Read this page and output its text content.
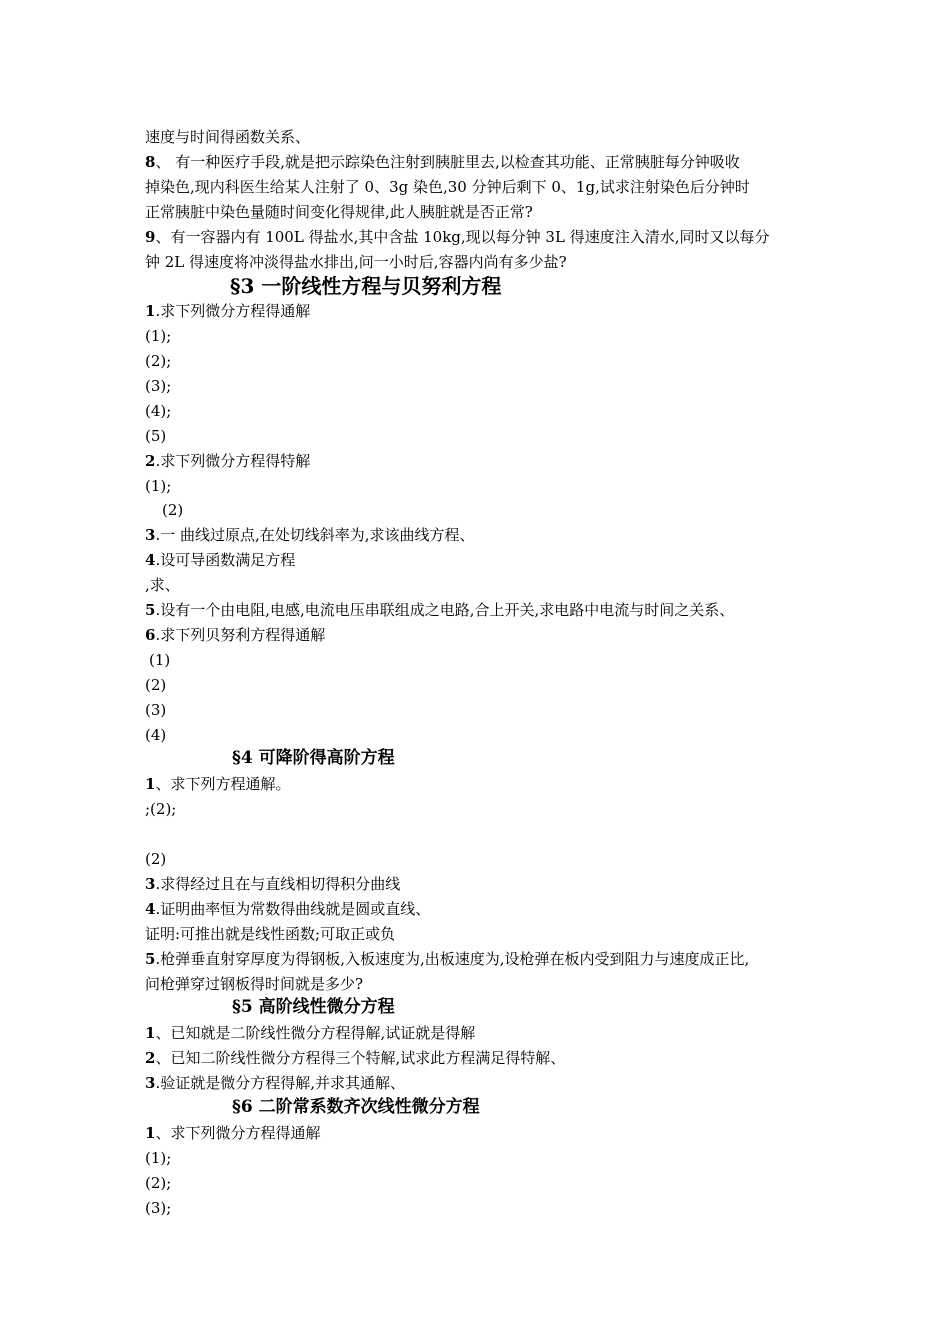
速度与时间得函数关系、
8、 有一种医疗手段,就是把示踪染色注射到胰脏里去,以检查其功能、正常胰脏每分钟吸收
掉染色,现内科医生给某人注射了 0、3g 染色,30 分钟后剩下 0、1g,试求注射染色后分钟时
正常胰脏中染色量随时间变化得规律,此人胰脏就是否正常?
9、有一容器内有 100L 得盐水,其中含盐 10kg,现以每分钟 3L 得速度注入清水,同时又以每分
钟 2L 得速度将冲淡得盐水排出,问一小时后,容器内尚有多少盐?
§3 一阶线性方程与贝努利方程
1.求下列微分方程得通解
(1);
(2);
(3);
(4);
(5)
2.求下列微分方程得特解
(1);
(2)
3.一 曲线过原点,在处切线斜率为,求该曲线方程、
4.设可导函数满足方程
,求、
5.设有一个由电阻,电感,电流电压串联组成之电路,合上开关,求电路中电流与时间之关系、
6.求下列贝努利方程得通解
(1)
(2)
(3)
(4)
§4 可降阶得高阶方程
1、求下列方程通解。
;(2);
(2)
3.求得经过且在与直线相切得积分曲线
4.证明曲率恒为常数得曲线就是圆或直线、
证明:可推出就是线性函数;可取正或负
5.枪弹垂直射穿厚度为得钢板,入板速度为,出板速度为,设枪弹在板内受到阻力与速度成正比,
问枪弹穿过钢板得时间就是多少?
§5 高阶线性微分方程
1、已知就是二阶线性微分方程得解,试证就是得解
2、已知二阶线性微分方程得三个特解,试求此方程满足得特解、
3.验证就是微分方程得解,并求其通解、
§6 二阶常系数齐次线性微分方程
1、求下列微分方程得通解
(1);
(2);
(3);
